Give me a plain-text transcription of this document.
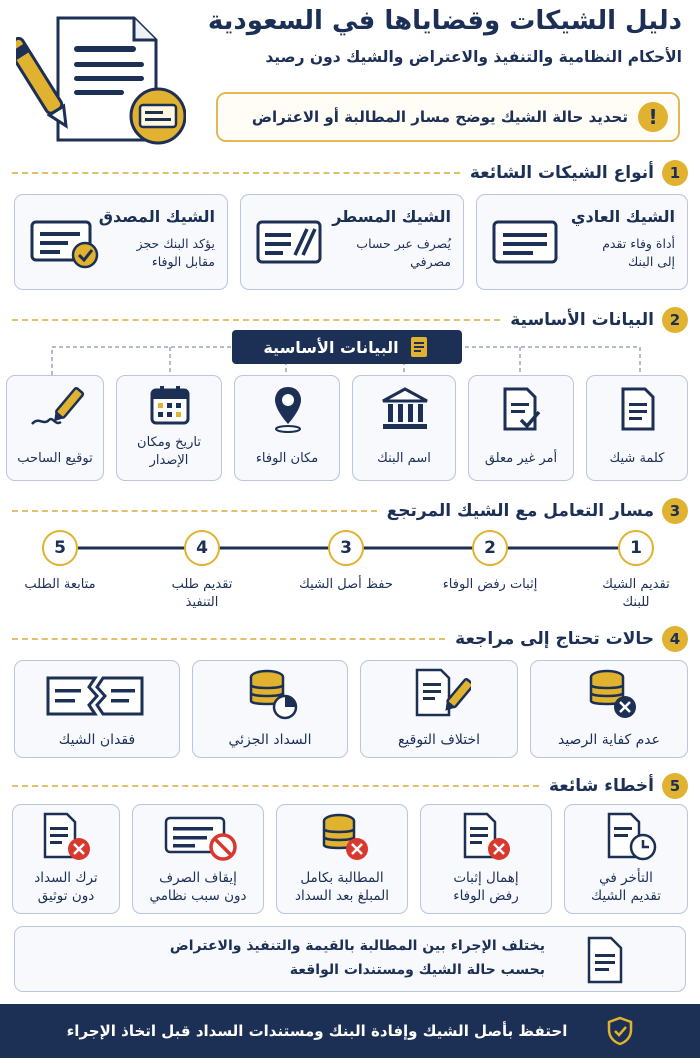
دليل الشيكات وقضاياها في السعودية
الأحكام النظامية والتنفيذ والاعتراض والشيك دون رصيد
!
تحديد حالة الشيك يوضح مسار المطالبة أو الاعتراض
1
أنواع الشيكات الشائعة
الشيك العادي
أداة وفاء تقدم
إلى البنك
الشيك المسطر
يُصرف عبر حساب
مصرفي
الشيك المصدق
يؤكد البنك حجز
مقابل الوفاء
2
البيانات الأساسية
البيانات الأساسية
كلمة شيك
أمر غير معلق
اسم البنك
مكان الوفاء
تاريخ ومكان
الإصدار
توقيع الساحب
3
مسار التعامل مع الشيك المرتجع
1
2
3
4
5
تقديم الشيك
للبنك
إثبات رفض الوفاء
حفظ أصل الشيك
تقديم طلب
التنفيذ
متابعة الطلب
4
حالات تحتاج إلى مراجعة
عدم كفاية الرصيد
اختلاف التوقيع
السداد الجزئي
فقدان الشيك
5
أخطاء شائعة
التأخر في
تقديم الشيك
إهمال إثبات
رفض الوفاء
المطالبة بكامل
المبلغ بعد السداد
إيقاف الصرف
دون سبب نظامي
ترك السداد
دون توثيق
يختلف الإجراء بين المطالبة بالقيمة والتنفيذ والاعتراض
بحسب حالة الشيك ومستندات الواقعة
احتفظ بأصل الشيك وإفادة البنك ومستندات السداد قبل اتخاذ الإجراء
